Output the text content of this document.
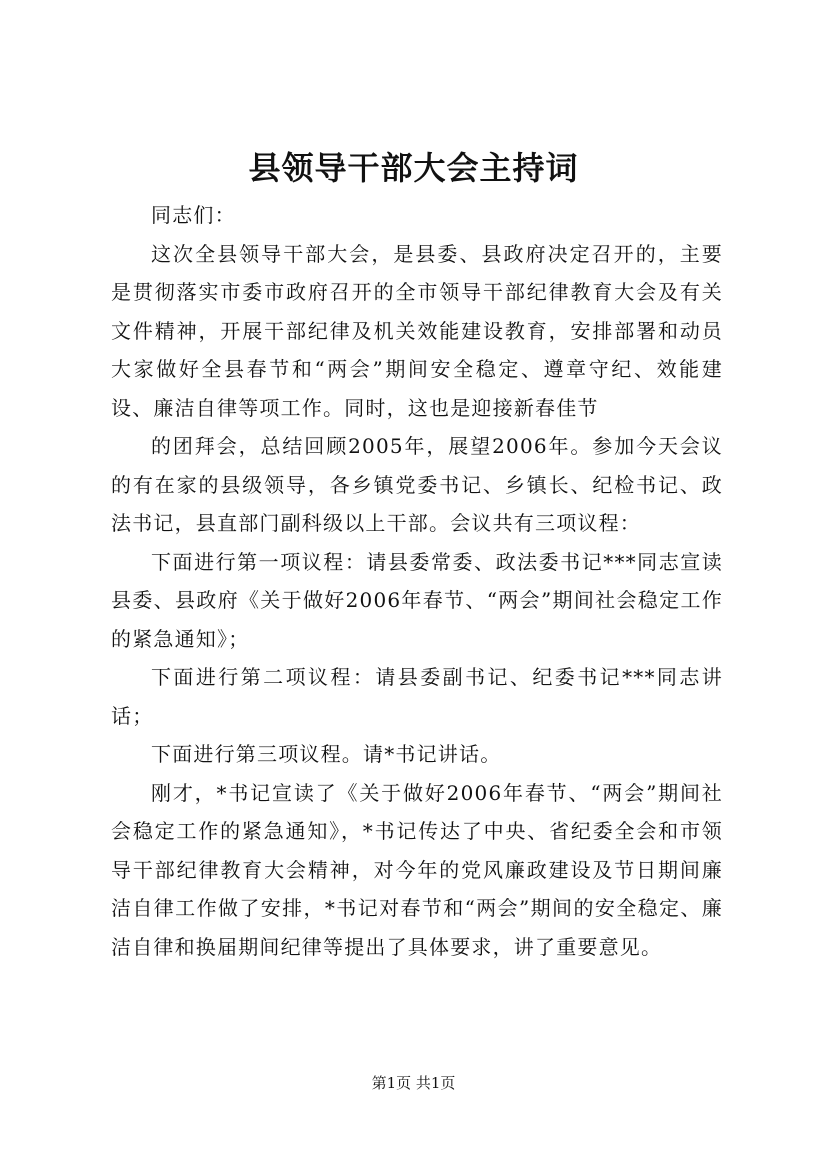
县领导干部大会主持词

同志们：

这次全县领导干部大会，是县委、县政府决定召开的，主要是贯彻落实市委市政府召开的全市领导干部纪律教育大会及有关文件精神，开展干部纪律及机关效能建设教育，安排部署和动员大家做好全县春节和“两会”期间安全稳定、遵章守纪、效能建设、廉洁自律等项工作。同时，这也是迎接新春佳节

的团拜会，总结回顾2005年，展望2006年。参加今天会议的有在家的县级领导，各乡镇党委书记、乡镇长、纪检书记、政法书记，县直部门副科级以上干部。会议共有三项议程：

下面进行第一项议程：请县委常委、政法委书记***同志宣读县委、县政府《关于做好2006年春节、“两会”期间社会稳定工作的紧急通知》；

下面进行第二项议程：请县委副书记、纪委书记***同志讲话；

下面进行第三项议程。请*书记讲话。

刚才，*书记宣读了《关于做好2006年春节、“两会”期间社会稳定工作的紧急通知》，*书记传达了中央、省纪委全会和市领导干部纪律教育大会精神，对今年的党风廉政建设及节日期间廉洁自律工作做了安排，*书记对春节和“两会”期间的安全稳定、廉洁自律和换届期间纪律等提出了具体要求，讲了重要意见。

第1页 共1页
